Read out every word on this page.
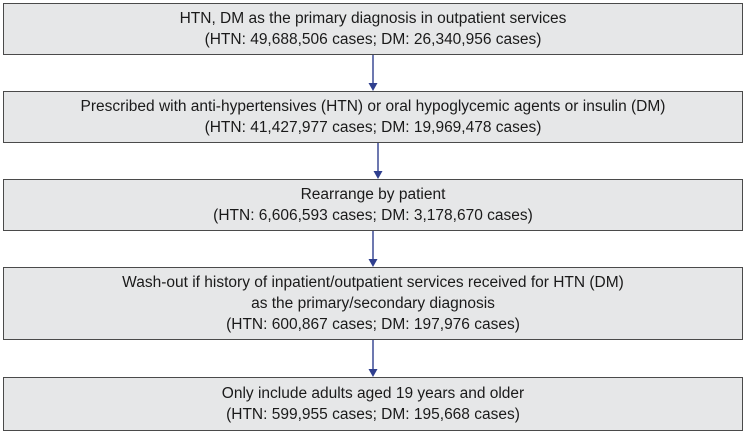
HTN, DM as the primary diagnosis in outpatient services
(HTN: 49,688,506 cases; DM: 26,340,956 cases)
Prescribed with anti-hypertensives (HTN) or oral hypoglycemic agents or insulin (DM)
(HTN: 41,427,977 cases; DM: 19,969,478 cases)
Rearrange by patient
(HTN: 6,606,593 cases; DM: 3,178,670 cases)
Wash-out if history of inpatient/outpatient services received for HTN (DM)
as the primary/secondary diagnosis
(HTN: 600,867 cases; DM: 197,976 cases)
Only include adults aged 19 years and older
(HTN: 599,955 cases; DM: 195,668 cases)
